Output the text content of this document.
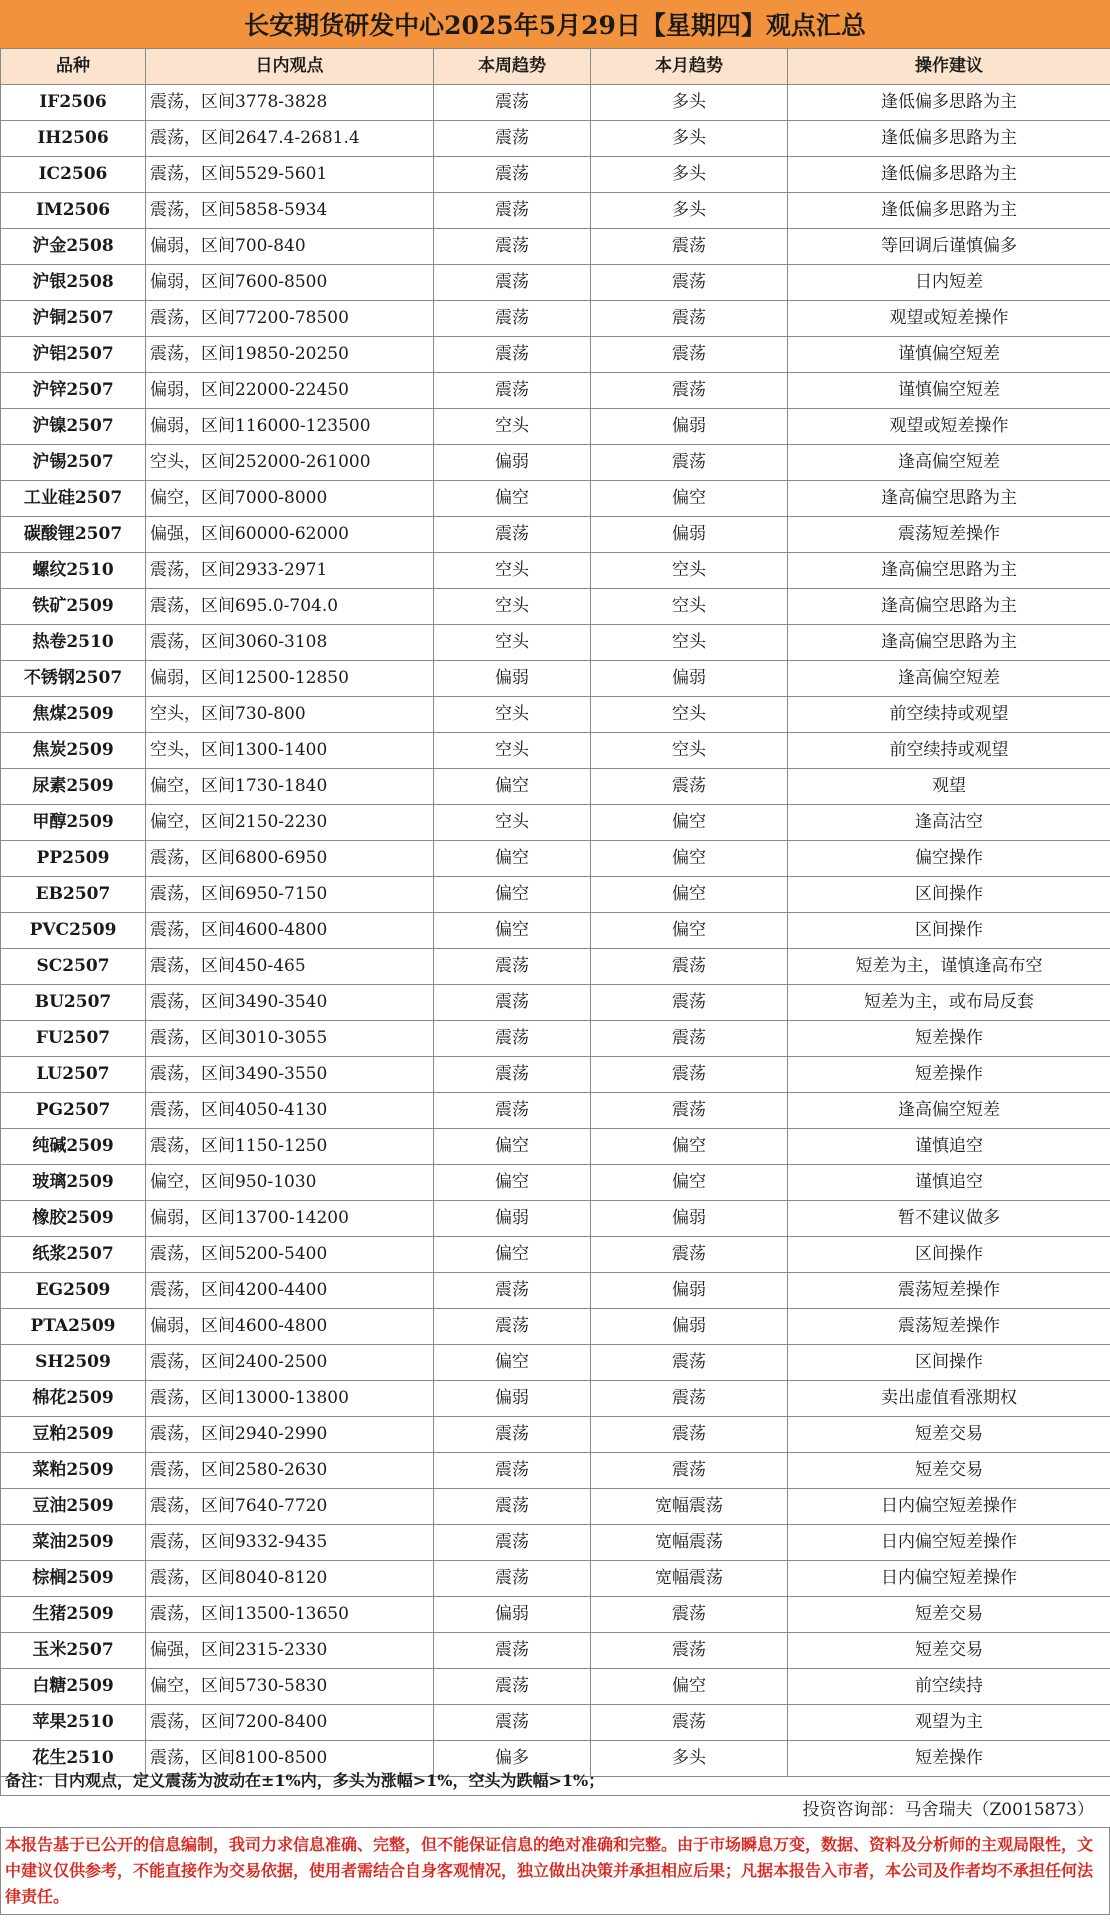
长安期货研发中心2025年5月29日【星期四】观点汇总
品种	日内观点	本周趋势	本月趋势	操作建议
IF2506	震荡，区间3778-3828	震荡	多头	逢低偏多思路为主
IH2506	震荡，区间2647.4-2681.4	震荡	多头	逢低偏多思路为主
IC2506	震荡，区间5529-5601	震荡	多头	逢低偏多思路为主
IM2506	震荡，区间5858-5934	震荡	多头	逢低偏多思路为主
沪金2508	偏弱，区间700-840	震荡	震荡	等回调后谨慎偏多
沪银2508	偏弱，区间7600-8500	震荡	震荡	日内短差
沪铜2507	震荡，区间77200-78500	震荡	震荡	观望或短差操作
沪铝2507	震荡，区间19850-20250	震荡	震荡	谨慎偏空短差
沪锌2507	偏弱，区间22000-22450	震荡	震荡	谨慎偏空短差
沪镍2507	偏弱，区间116000-123500	空头	偏弱	观望或短差操作
沪锡2507	空头，区间252000-261000	偏弱	震荡	逢高偏空短差
工业硅2507	偏空，区间7000-8000	偏空	偏空	逢高偏空思路为主
碳酸锂2507	偏强，区间60000-62000	震荡	偏弱	震荡短差操作
螺纹2510	震荡，区间2933-2971	空头	空头	逢高偏空思路为主
铁矿2509	震荡，区间695.0-704.0	空头	空头	逢高偏空思路为主
热卷2510	震荡，区间3060-3108	空头	空头	逢高偏空思路为主
不锈钢2507	偏弱，区间12500-12850	偏弱	偏弱	逢高偏空短差
焦煤2509	空头，区间730-800	空头	空头	前空续持或观望
焦炭2509	空头，区间1300-1400	空头	空头	前空续持或观望
尿素2509	偏空，区间1730-1840	偏空	震荡	观望
甲醇2509	偏空，区间2150-2230	空头	偏空	逢高沽空
PP2509	震荡，区间6800-6950	偏空	偏空	偏空操作
EB2507	震荡，区间6950-7150	偏空	偏空	区间操作
PVC2509	震荡，区间4600-4800	偏空	偏空	区间操作
SC2507	震荡，区间450-465	震荡	震荡	短差为主，谨慎逢高布空
BU2507	震荡，区间3490-3540	震荡	震荡	短差为主，或布局反套
FU2507	震荡，区间3010-3055	震荡	震荡	短差操作
LU2507	震荡，区间3490-3550	震荡	震荡	短差操作
PG2507	震荡，区间4050-4130	震荡	震荡	逢高偏空短差
纯碱2509	震荡，区间1150-1250	偏空	偏空	谨慎追空
玻璃2509	偏空，区间950-1030	偏空	偏空	谨慎追空
橡胶2509	偏弱，区间13700-14200	偏弱	偏弱	暂不建议做多
纸浆2507	震荡，区间5200-5400	偏空	震荡	区间操作
EG2509	震荡，区间4200-4400	震荡	偏弱	震荡短差操作
PTA2509	偏弱，区间4600-4800	震荡	偏弱	震荡短差操作
SH2509	震荡，区间2400-2500	偏空	震荡	区间操作
棉花2509	震荡，区间13000-13800	偏弱	震荡	卖出虚值看涨期权
豆粕2509	震荡，区间2940-2990	震荡	震荡	短差交易
菜粕2509	震荡，区间2580-2630	震荡	震荡	短差交易
豆油2509	震荡，区间7640-7720	震荡	宽幅震荡	日内偏空短差操作
菜油2509	震荡，区间9332-9435	震荡	宽幅震荡	日内偏空短差操作
棕榈2509	震荡，区间8040-8120	震荡	宽幅震荡	日内偏空短差操作
生猪2509	震荡，区间13500-13650	偏弱	震荡	短差交易
玉米2507	偏强，区间2315-2330	震荡	震荡	短差交易
白糖2509	偏空，区间5730-5830	震荡	偏空	前空续持
苹果2510	震荡，区间7200-8400	震荡	震荡	观望为主
花生2510	震荡，区间8100-8500	偏多	多头	短差操作
备注：日内观点，定义震荡为波动在±1%内，多头为涨幅>1%，空头为跌幅>1%；
投资咨询部：马舍瑞夫（Z0015873）
本报告基于已公开的信息编制，我司力求信息准确、完整，但不能保证信息的绝对准确和完整。由于市场瞬息万变，数据、资料及分析师的主观局限性，文中建议仅供参考，不能直接作为交易依据，使用者需结合自身客观情况，独立做出决策并承担相应后果；凡据本报告入市者，本公司及作者均不承担任何法律责任。
